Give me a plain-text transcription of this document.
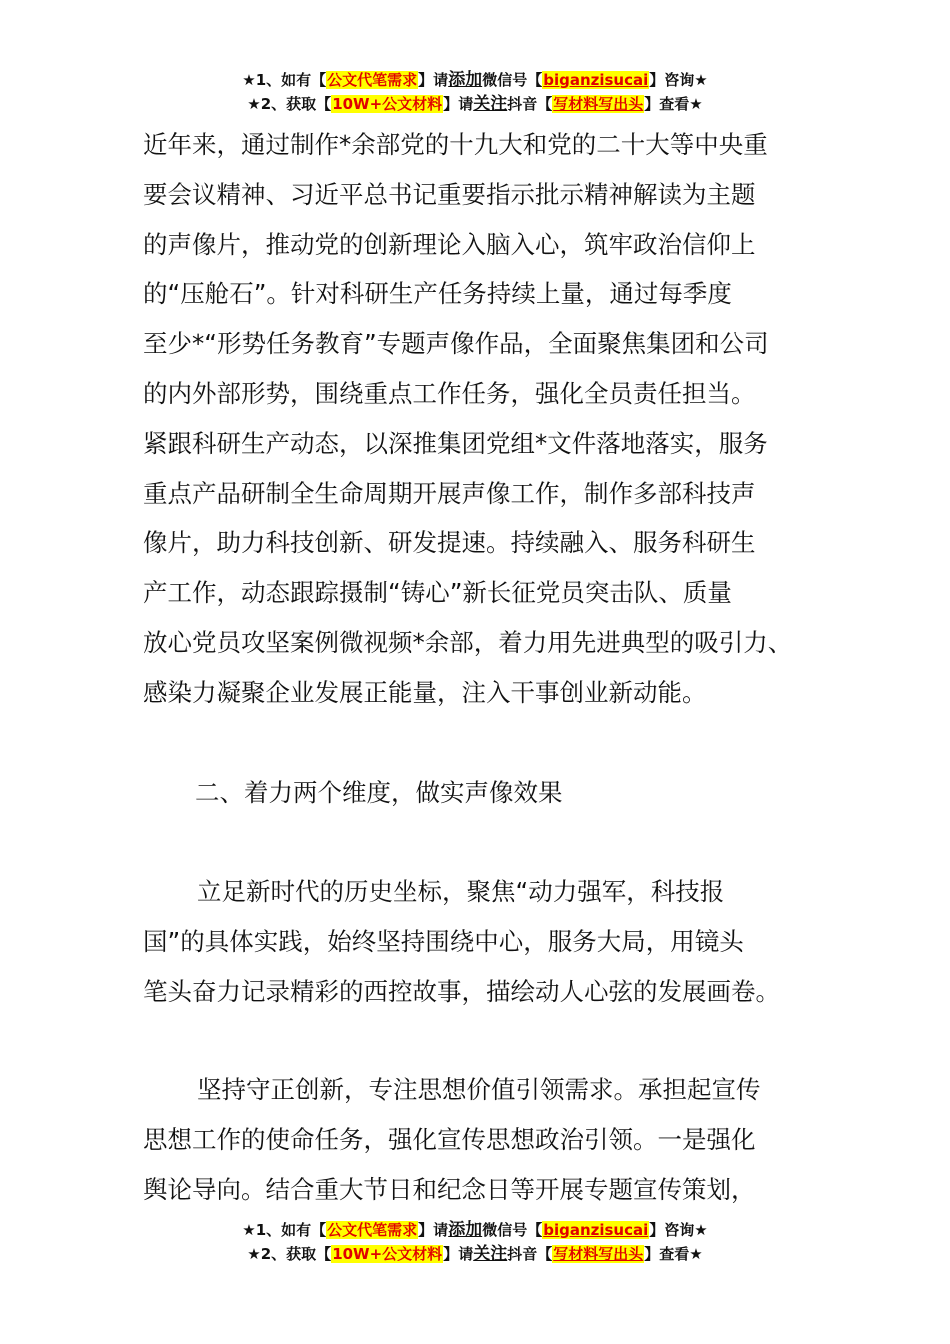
★1、如有【公文代笔需求】请添加微信号【biganzisucai】咨询★
★2、获取【10W+公文材料】请关注抖音【写材料写出头】查看★
近年来，通过制作*余部党的十九大和党的二十大等中央重
要会议精神、习近平总书记重要指示批示精神解读为主题
的声像片，推动党的创新理论入脑入心，筑牢政治信仰上
的“压舱石”。针对科研生产任务持续上量，通过每季度
至少*“形势任务教育”专题声像作品，全面聚焦集团和公司
的内外部形势，围绕重点工作任务，强化全员责任担当。
紧跟科研生产动态，以深推集团党组*文件落地落实，服务
重点产品研制全生命周期开展声像工作，制作多部科技声
像片，助力科技创新、研发提速。持续融入、服务科研生
产工作，动态跟踪摄制“铸心”新长征党员突击队、质量
放心党员攻坚案例微视频*余部，着力用先进典型的吸引力、
感染力凝聚企业发展正能量，注入干事创业新动能。
二、着力两个维度，做实声像效果
立足新时代的历史坐标，聚焦“动力强军，科技报
国”的具体实践，始终坚持围绕中心，服务大局，用镜头
笔头奋力记录精彩的西控故事，描绘动人心弦的发展画卷。
坚持守正创新，专注思想价值引领需求。承担起宣传
思想工作的使命任务，强化宣传思想政治引领。一是强化
舆论导向。结合重大节日和纪念日等开展专题宣传策划，
★1、如有【公文代笔需求】请添加微信号【biganzisucai】咨询★
★2、获取【10W+公文材料】请关注抖音【写材料写出头】查看★
